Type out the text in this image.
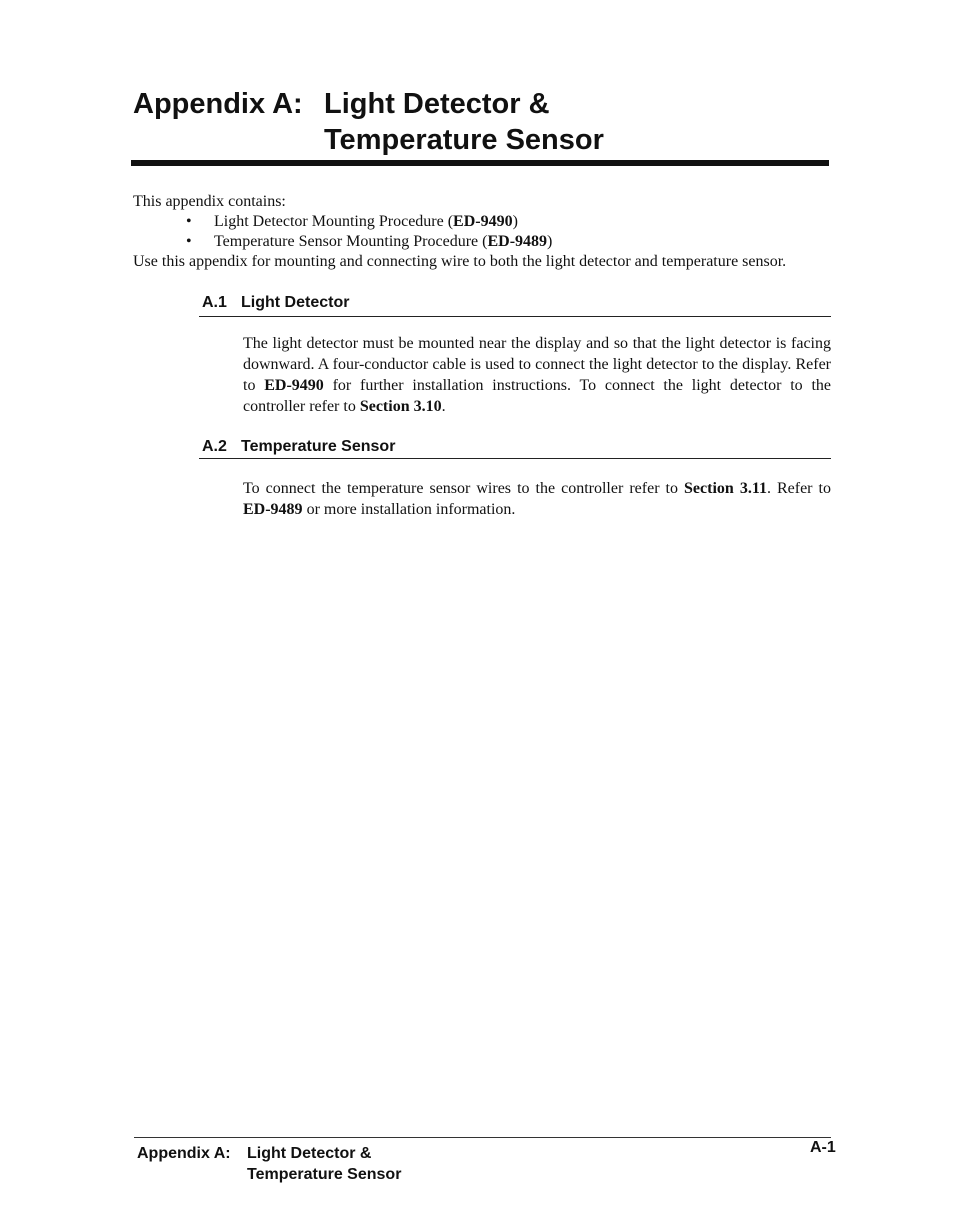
Appendix A: Light Detector &
Temperature Sensor
This appendix contains:
• Light Detector Mounting Procedure (ED-9490)
• Temperature Sensor Mounting Procedure (ED-9489)
Use this appendix for mounting and connecting wire to both the light detector and temperature sensor.
A.1 Light Detector
The light detector must be mounted near the display and so that the light detector is facing downward. A four-conductor cable is used to connect the light detector to the display. Refer to ED-9490 for further installation instructions. To connect the light detector to the controller refer to Section 3.10.
A.2 Temperature Sensor
To connect the temperature sensor wires to the controller refer to Section 3.11. Refer to ED-9489 or more installation information.
Appendix A: Light Detector &
Temperature Sensor
A-1
